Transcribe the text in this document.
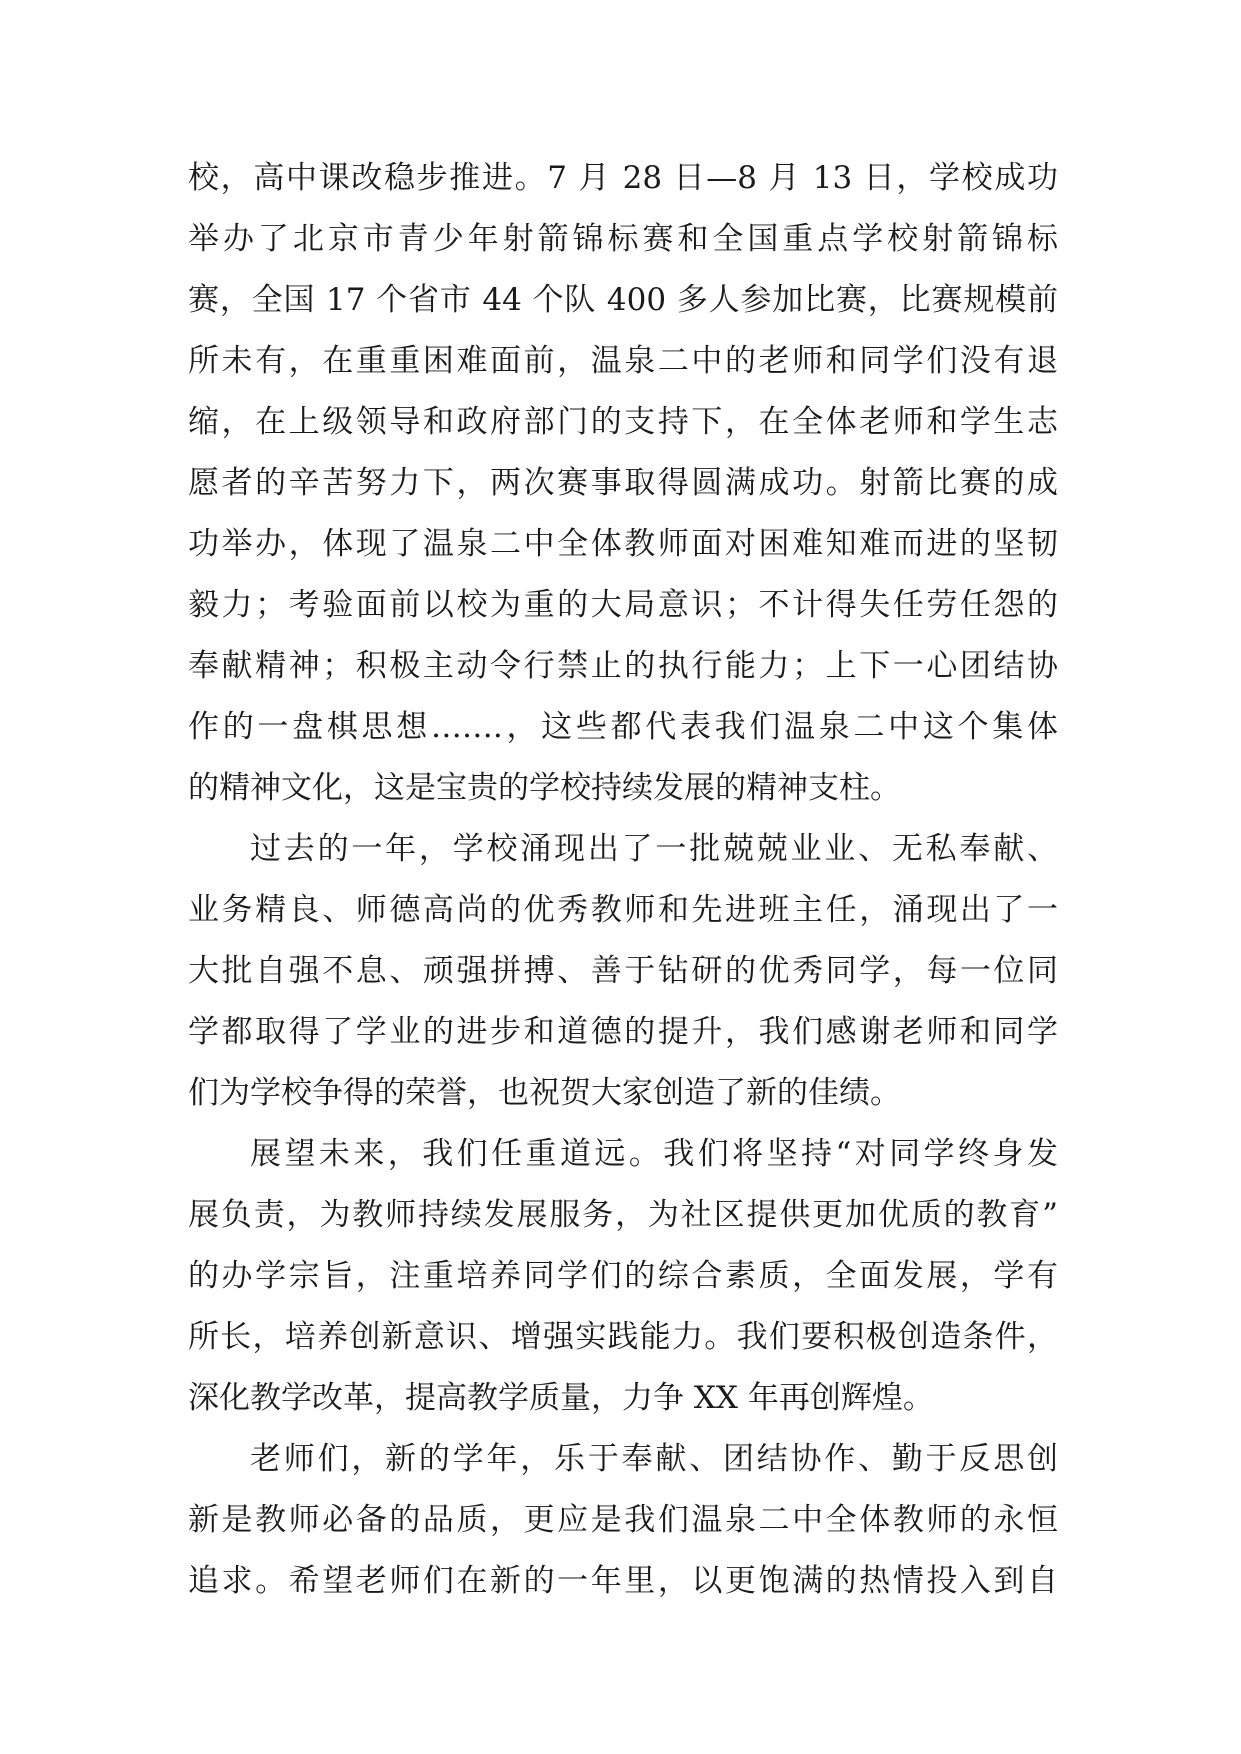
校，高中课改稳步推进。7 月 28 日—8 月 13 日，学校成功
举办了北京市青少年射箭锦标赛和全国重点学校射箭锦标
赛，全国 17 个省市 44 个队 400 多人参加比赛，比赛规模前
所未有，在重重困难面前，温泉二中的老师和同学们没有退
缩，在上级领导和政府部门的支持下，在全体老师和学生志
愿者的辛苦努力下，两次赛事取得圆满成功。射箭比赛的成
功举办，体现了温泉二中全体教师面对困难知难而进的坚韧
毅力；考验面前以校为重的大局意识；不计得失任劳任怨的
奉献精神；积极主动令行禁止的执行能力；上下一心团结协
作的一盘棋思想…….，这些都代表我们温泉二中这个集体
的精神文化，这是宝贵的学校持续发展的精神支柱。
过去的一年，学校涌现出了一批兢兢业业、无私奉献、
业务精良、师德高尚的优秀教师和先进班主任，涌现出了一
大批自强不息、顽强拼搏、善于钻研的优秀同学，每一位同
学都取得了学业的进步和道德的提升，我们感谢老师和同学
们为学校争得的荣誉，也祝贺大家创造了新的佳绩。
展望未来，我们任重道远。我们将坚持“对同学终身发
展负责，为教师持续发展服务，为社区提供更加优质的教育”
的办学宗旨，注重培养同学们的综合素质，全面发展，学有
所长，培养创新意识、增强实践能力。我们要积极创造条件，
深化教学改革，提高教学质量，力争 XX 年再创辉煌。
老师们，新的学年，乐于奉献、团结协作、勤于反思创
新是教师必备的品质，更应是我们温泉二中全体教师的永恒
追求。希望老师们在新的一年里，以更饱满的热情投入到自
